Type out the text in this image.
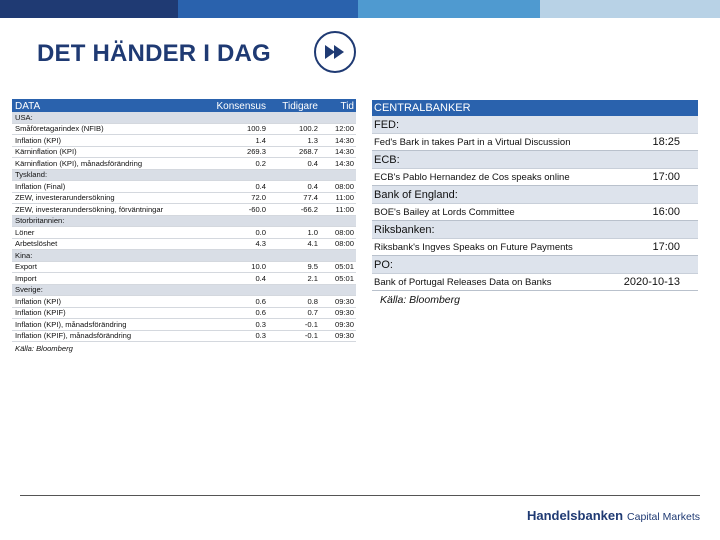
DET HÄNDER I DAG
DATA	Konsensus	Tidigare	Tid
USA:
Småföretagarindex (NFIB)	100.9	100.2	12:00
Inflation (KPI)	1.4	1.3	14:30
Kärninflation (KPI)	269.3	268.7	14:30
Kärninflation (KPI), månadsförändring	0.2	0.4	14:30
Tyskland:
Inflation (Final)	0.4	0.4	08:00
ZEW, investerarundersökning	72.0	77.4	11:00
ZEW, investerarundersökning, förväntningar	-60.0	-66.2	11:00
Storbritannien:
Löner	0.0	1.0	08:00
Arbetslöshet	4.3	4.1	08:00
Kina:
Export	10.0	9.5	05:01
Import	0.4	2.1	05:01
Sverige:
Inflation (KPI)	0.6	0.8	09:30
Inflation (KPIF)	0.6	0.7	09:30
Inflation (KPI), månadsförändring	0.3	-0.1	09:30
Inflation (KPIF), månadsförändring	0.3	-0.1	09:30
Källa: Bloomberg
CENTRALBANKER
FED:
Fed's Bark in takes Part in a Virtual Discussion	18:25
ECB:
ECB's Pablo Hernandez de Cos speaks online	17:00
Bank of England:
BOE's Bailey at Lords Committee	16:00
Riksbanken:
Riksbank's Ingves Speaks on Future Payments	17:00
PO:
Bank of Portugal Releases Data on Banks	2020-10-13
Källa: Bloomberg
Handelsbanken Capital Markets
